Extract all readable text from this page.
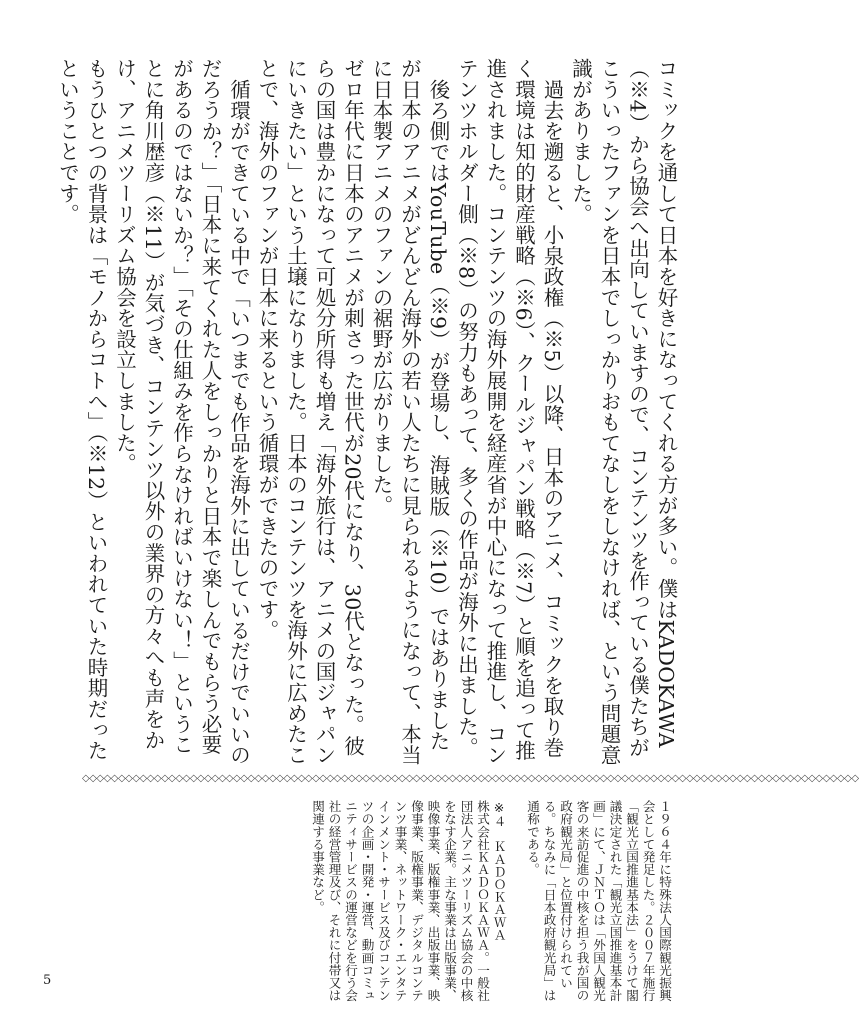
コミックを通して日本を好きになってくれる方が多い。僕はKADOKAWA（※4）から協会へ出向していますので、コンテンツを作っている僕たちがこういったファンを日本でしっかりおもてなしをしなければ、という問題意識がありました。

過去を遡ると、小泉政権（※5）以降、日本のアニメ、コミックを取り巻く環境は知的財産戦略（※6）、クールジャパン戦略（※7）と順を追って推進されました。コンテンツの海外展開を経産省が中心になって推進し、コンテンツホルダー側（※8）の努力もあって、多くの作品が海外に出ました。

後ろ側ではYouTube（※9）が登場し、海賊版（※10）ではありましたが日本のアニメがどんどん海外の若い人たちに見られるようになって、本当に日本製アニメのファンの裾野が広がりました。

ゼロ年代に日本のアニメが刺さった世代が20代になり、30代となった。彼らの国は豊かになって可処分所得も増え「海外旅行は、アニメの国ジャパンにいきたい」という土壌になりました。日本のコンテンツを海外に広めたことで、海外のファンが日本に来るという循環ができたのです。

循環ができている中で「いつまでも作品を海外に出しているだけでいいのだろうか？」「日本に来てくれた人をしっかりと日本で楽しんでもらう必要があるのではないか？」「その仕組みを作らなければいけない！」ということに角川歴彦（※11）が気づき、コンテンツ以外の業界の方々へも声をかけ、アニメツーリズム協会を設立しました。

もうひとつの背景は「モノからコトへ」（※12）といわれていた時期だったということです。

◇◇◇◇◇◇◇◇◇◇◇◇◇◇◇◇◇◇◇◇◇◇◇◇◇◇◇◇◇◇◇◇◇◇◇◇◇◇◇◇◇◇◇◇◇◇◇◇◇◇◇◇◇◇◇◇◇◇◇◇◇◇◇◇◇◇◇◇◇◇◇◇◇◇◇◇◇◇◇◇◇◇◇◇◇◇◇◇◇◇◇◇◇◇◇◇◇◇◇◇◇◇◇◇◇◇◇◇

１９６４年に特殊法人国際観光振興会として発足した。２００７年施行「観光立国推進基本法」をうけて閣議決定された「観光立国推進基本計画」にて、ＪＮＴＯは「外国人観光客の来訪促進の中核を担う我が国の政府観光局」と位置付けられている。ちなみに「日本政府観光局」は通称である。

※４　ＫＡＤＯＫＡＷＡ

株式会社ＫＡＤＯＫＡＷＡ。一般社団法人アニメツーリズム協会の中核をなす企業。主な事業は出版事業、映像事業、版権事業、出版事業、映像事業、版権事業、デジタルコンテンツ事業、ネットワーク・エンタテインメント・サービス及びコンテンツの企画・開発・運営、動画コミュニティサービスの運営などを行う会社の経営管理及び、それに付帯又は関連する事業など。

5
